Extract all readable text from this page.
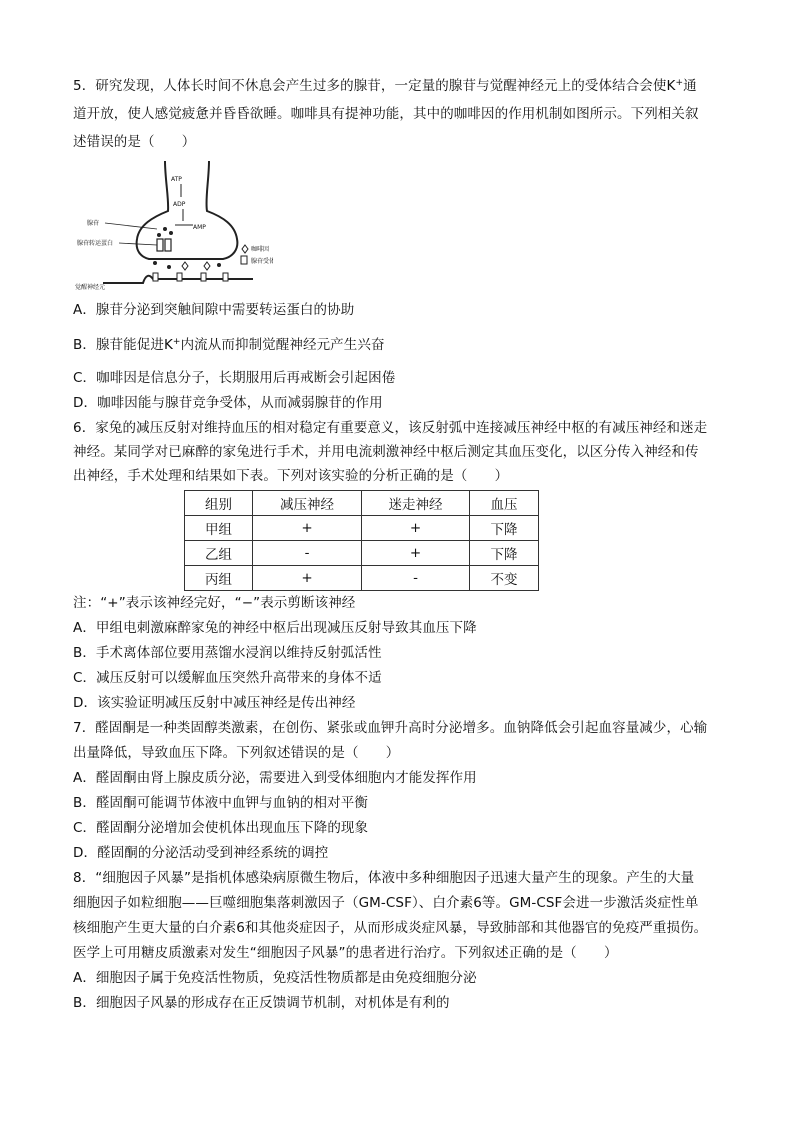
5．研究发现，人体长时间不休息会产生过多的腺苷，一定量的腺苷与觉醒神经元上的受体结合会使K+通
道开放，使人感觉疲惫并昏昏欲睡。咖啡具有提神功能，其中的咖啡因的作用机制如图所示。下列相关叙
述错误的是（　　）
ATP
ADP
AMP
腺苷
腺苷转运蛋白
觉醒神经元
咖啡因
腺苷受体
A．腺苷分泌到突触间隙中需要转运蛋白的协助
B．腺苷能促进K+内流从而抑制觉醒神经元产生兴奋
C．咖啡因是信息分子，长期服用后再戒断会引起困倦
D．咖啡因能与腺苷竞争受体，从而减弱腺苷的作用
6．家兔的减压反射对维持血压的相对稳定有重要意义，该反射弧中连接减压神经中枢的有减压神经和迷走
神经。某同学对已麻醉的家兔进行手术，并用电流刺激神经中枢后测定其血压变化，以区分传入神经和传
出神经，手术处理和结果如下表。下列对该实验的分析正确的是（　　）
组别	减压神经	迷走神经	血压
甲组	+	+	下降
乙组	-	+	下降
丙组	+	-	不变
注：“+”表示该神经完好，“−”表示剪断该神经
A．甲组电刺激麻醉家兔的神经中枢后出现减压反射导致其血压下降
B．手术离体部位要用蒸馏水浸润以维持反射弧活性
C．减压反射可以缓解血压突然升高带来的身体不适
D．该实验证明减压反射中减压神经是传出神经
7．醛固酮是一种类固醇类激素，在创伤、紧张或血钾升高时分泌增多。血钠降低会引起血容量减少，心输
出量降低，导致血压下降。下列叙述错误的是（　　）
A．醛固酮由肾上腺皮质分泌，需要进入到受体细胞内才能发挥作用
B．醛固酮可能调节体液中血钾与血钠的相对平衡
C．醛固酮分泌增加会使机体出现血压下降的现象
D．醛固酮的分泌活动受到神经系统的调控
8．“细胞因子风暴”是指机体感染病原微生物后，体液中多种细胞因子迅速大量产生的现象。产生的大量
细胞因子如粒细胞——巨噬细胞集落刺激因子（GM-CSF）、白介素6等。GM-CSF会进一步激活炎症性单
核细胞产生更大量的白介素6和其他炎症因子，从而形成炎症风暴，导致肺部和其他器官的免疫严重损伤。
医学上可用糖皮质激素对发生“细胞因子风暴”的患者进行治疗。下列叙述正确的是（　　）
A．细胞因子属于免疫活性物质，免疫活性物质都是由免疫细胞分泌
B．细胞因子风暴的形成存在正反馈调节机制，对机体是有利的
